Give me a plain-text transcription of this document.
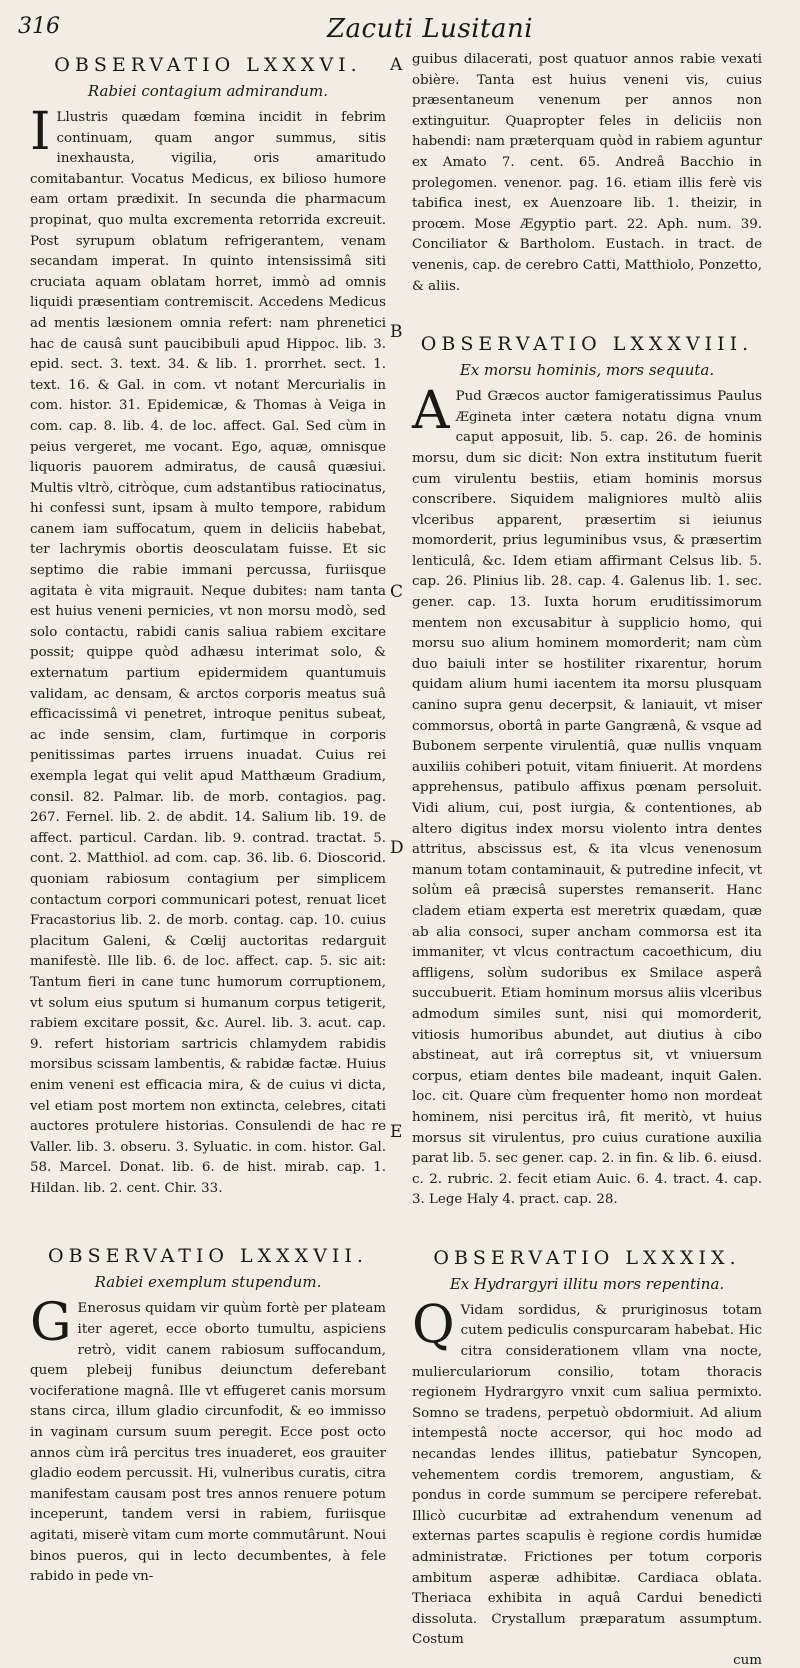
316	Zacuti Lusitani
A
B
C
D
E
OBSERVATIO LXXXVI.
Rabiei contagium admirandum.

I Llustris quædam fœmina incidit in febrim continuam, quam angor summus, sitis inexhausta, vigilia, oris amaritudo comitabantur. Vocatus Medicus, ex bilioso humore eam ortam prædixit. In secunda die pharmacum propinat, quo multa excrementa retorrida excreuit. Post syrupum oblatum refrigerantem, venam secandam imperat. In quinto intensissimâ siti cruciata aquam oblatam horret, immò ad omnis liquidi præsentiam contremiscit. Accedens Medicus ad mentis læsionem omnia refert: nam phrenetici hac de causâ sunt paucibibuli apud Hippoc. lib. 3. epid. sect. 3. text. 34. & lib. 1. prorrhet. sect. 1. text. 16. & Gal. in com. vt notant Mercurialis in com. histor. 31. Epidemicæ, & Thomas à Veiga in com. cap. 8. lib. 4. de loc. affect. Gal. Sed cùm in peius vergeret, me vocant. Ego, aquæ, omnisque liquoris pauorem admiratus, de causâ quæsiui. Multis vltrò, citròque, cum adstantibus ratiocinatus, hi confessi sunt, ipsam à multo tempore, rabidum canem iam suffocatum, quem in deliciis habebat, ter lachrymis obortis deosculatam fuisse. Et sic septimo die rabie immani percussa, furiisque agitata è vita migrauit. Neque dubites: nam tanta est huius veneni pernicies, vt non morsu modò, sed solo contactu, rabidi canis saliua rabiem excitare possit; quippe quòd adhæsu interimat solo, & externatum partium epidermidem quantumuis validam, ac densam, & arctos corporis meatus suâ efficacissimâ vi penetret, introque penitus subeat, ac inde sensim, clam, furtimque in corporis penitissimas partes irruens inuadat. Cuius rei exempla legat qui velit apud Matthæum Gradium, consil. 82. Palmar. lib. de morb. contagios. pag. 267. Fernel. lib. 2. de abdit. 14. Salium lib. 19. de affect. particul. Cardan. lib. 9. contrad. tractat. 5. cont. 2. Matthiol. ad com. cap. 36. lib. 6. Dioscorid. quoniam rabiosum contagium per simplicem contactum corpori communicari potest, renuat licet Fracastorius lib. 2. de morb. contag. cap. 10. cuius placitum Galeni, & Cœlij auctoritas redarguit manifestè. Ille lib. 6. de loc. affect. cap. 5. sic ait: Tantum fieri in cane tunc humorum corruptionem, vt solum eius sputum si humanum corpus tetigerit, rabiem excitare possit, &c. Aurel. lib. 3. acut. cap. 9. refert historiam sartricis chlamydem rabidis morsibus scissam lambentis, & rabidæ factæ. Huius enim veneni est efficacia mira, & de cuius vi dicta, vel etiam post mortem non extincta, celebres, citati auctores protulere historias. Consulendi de hac re Valler. lib. 3. obseru. 3. Syluatic. in com. histor. Gal. 58. Marcel. Donat. lib. 6. de hist. mirab. cap. 1. Hildan. lib. 2. cent. Chir. 33.

OBSERVATIO LXXXVII.
Rabiei exemplum stupendum.

G Enerosus quidam vir quùm fortè per plateam iter ageret, ecce oborto tumultu, aspiciens retrò, vidit canem rabiosum suffocandum, quem plebeij funibus deiunctum deferebant vociferatione magnâ. Ille vt effugeret canis morsum stans circa, illum gladio circunfodit, & eo immisso in vaginam cursum suum peregit. Ecce post octo annos cùm irâ percitus tres inuaderet, eos grauiter gladio eodem percussit. Hi, vulneribus curatis, citra manifestam causam post tres annos renuere potum inceperunt, tandem versi in rabiem, furiisque agitati, miserè vitam cum morte commutârunt. Noui binos pueros, qui in lecto decumbentes, à fele rabido in pede vn-

guibus dilacerati, post quatuor annos rabie vexati obière. Tanta est huius veneni vis, cuius præsentaneum venenum per annos non extinguitur. Quapropter feles in deliciis non habendi: nam præterquam quòd in rabiem aguntur ex Amato 7. cent. 65. Andreâ Bacchio in prolegomen. venenor. pag. 16. etiam illis ferè vis tabifica inest, ex Auenzoare lib. 1. theizir, in proœm. Mose Ægyptio part. 22. Aph. num. 39. Conciliator & Bartholom. Eustach. in tract. de venenis, cap. de cerebro Catti, Matthiolo, Ponzetto, & aliis.

OBSERVATIO LXXXVIII.
Ex morsu hominis, mors sequuta.

A Pud Græcos auctor famigeratissimus Paulus Ægineta inter cætera notatu digna vnum caput apposuit, lib. 5. cap. 26. de hominis morsu, dum sic dicit: Non extra institutum fuerit cum virulentu bestiis, etiam hominis morsus conscribere. Siquidem maligniores multò aliis vlceribus apparent, præsertim si ieiunus momorderit, prius leguminibus vsus, & præsertim lenticulâ, &c. Idem etiam affirmant Celsus lib. 5. cap. 26. Plinius lib. 28. cap. 4. Galenus lib. 1. sec. gener. cap. 13. Iuxta horum eruditissimorum mentem non excusabitur à supplicio homo, qui morsu suo alium hominem momorderit; nam cùm duo baiuli inter se hostiliter rixarentur, horum quidam alium humi iacentem ita morsu plusquam canino supra genu decerpsit, & laniauit, vt miser commorsus, obortâ in parte Gangrænâ, & vsque ad Bubonem serpente virulentiâ, quæ nullis vnquam auxiliis cohiberi potuit, vitam finiuerit. At mordens apprehensus, patibulo affixus pœnam persoluit. Vidi alium, cui, post iurgia, & contentiones, ab altero digitus index morsu violento intra dentes attritus, abscissus est, & ita vlcus venenosum manum totam contaminauit, & putredine infecit, vt solùm eâ præcisâ superstes remanserit. Hanc cladem etiam experta est meretrix quædam, quæ ab alia consoci, super ancham commorsa est ita immaniter, vt vlcus contractum cacoethicum, diu affligens, solùm sudoribus ex Smilace asperâ succubuerit. Etiam hominum morsus aliis vlceribus admodum similes sunt, nisi qui momorderit, vitiosis humoribus abundet, aut diutius à cibo abstineat, aut irâ correptus sit, vt vniuersum corpus, etiam dentes bile madeant, inquit Galen. loc. cit. Quare cùm frequenter homo non mordeat hominem, nisi percitus irâ, fit meritò, vt huius morsus sit virulentus, pro cuius curatione auxilia parat lib. 5. sec gener. cap. 2. in fin. & lib. 6. eiusd. c. 2. rubric. 2. fecit etiam Auic. 6. 4. tract. 4. cap. 3. Lege Haly 4. pract. cap. 28.

OBSERVATIO LXXXIX.
Ex Hydrargyri illitu mors repentina.

Q Vidam sordidus, & pruriginosus totam cutem pediculis conspurcaram habebat. Hic citra considerationem vllam vna nocte, mulierculariorum consilio, totam thoracis regionem Hydrargyro vnxit cum saliua permixto. Somno se tradens, perpetuò obdormiuit. Ad alium intempestâ nocte accersor, qui hoc modo ad necandas lendes illitus, patiebatur Syncopen, vehementem cordis tremorem, angustiam, & pondus in corde summum se percipere referebat. Illicò cucurbitæ ad extrahendum venenum ad externas partes scapulis è regione cordis humidæ administratæ. Frictiones per totum corporis ambitum asperæ adhibitæ. Cardiaca oblata. Theriaca exhibita in aquâ Cardui benedicti dissoluta. Crystallum præparatum assumptum. Costum

cum
